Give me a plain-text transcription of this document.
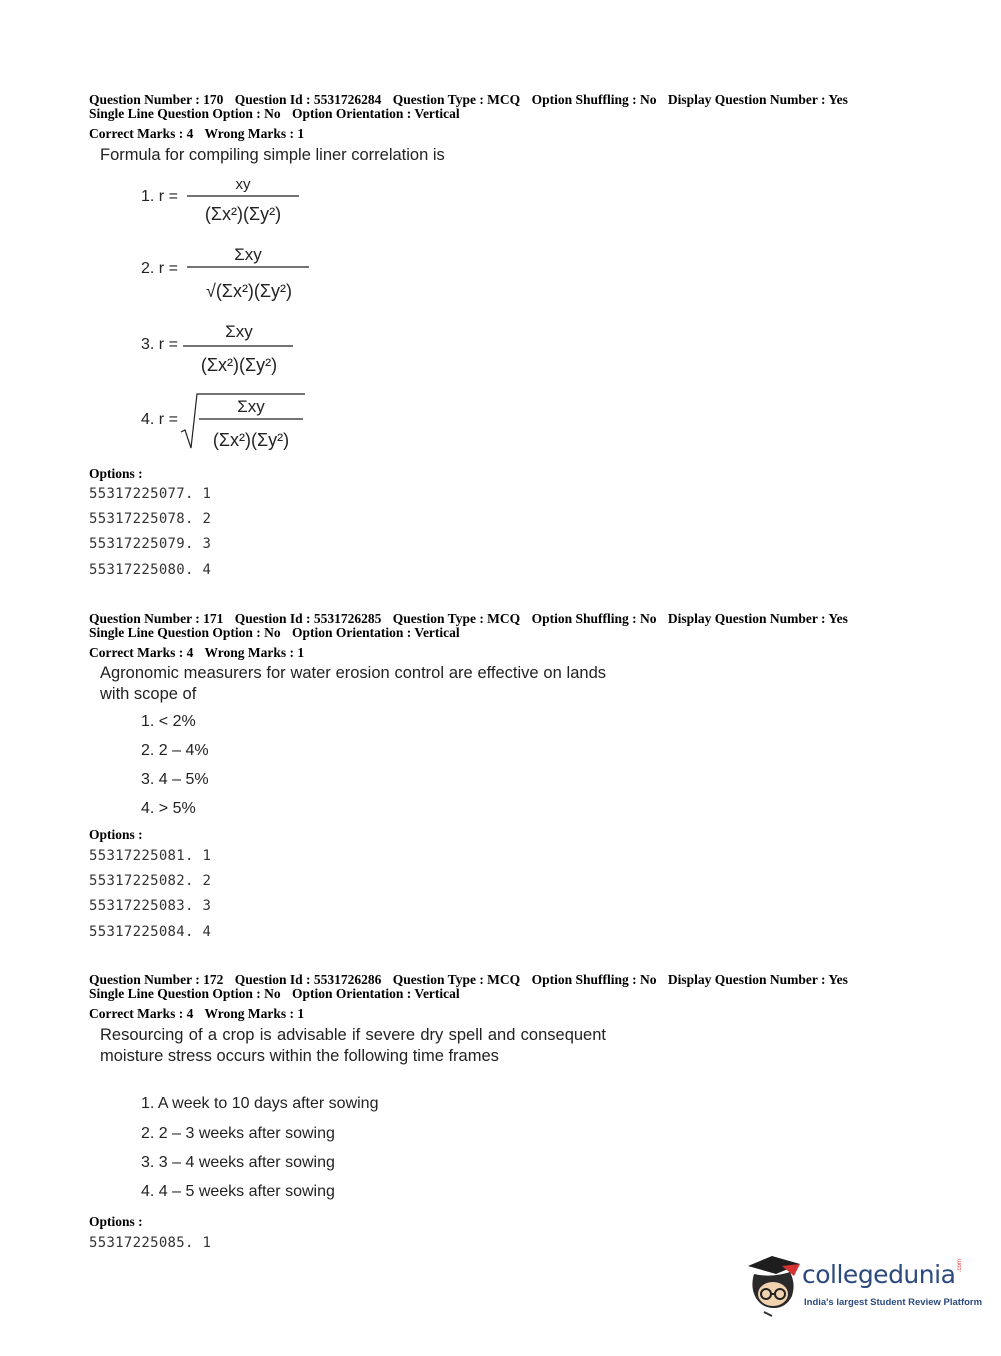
Question Number : 170 Question Id : 5531726284 Question Type : MCQ Option Shuffling : No Display Question Number : Yes
Single Line Question Option : No Option Orientation : Vertical
Correct Marks : 4 Wrong Marks : 1
Formula for compiling simple liner correlation is
1. r =
xy
(Σx²)(Σy²)
2. r =
Σxy
√(Σx²)(Σy²)
3. r =
Σxy
(Σx²)(Σy²)
4. r =
Σxy
(Σx²)(Σy²)
Options :
55317225077. 1
55317225078. 2
55317225079. 3
55317225080. 4
Question Number : 171 Question Id : 5531726285 Question Type : MCQ Option Shuffling : No Display Question Number : Yes
Single Line Question Option : No Option Orientation : Vertical
Correct Marks : 4 Wrong Marks : 1
Agronomic measurers for water erosion control are effective on lands with scope of
1. < 2%
2. 2 – 4%
3. 4 – 5%
4. > 5%
Options :
55317225081. 1
55317225082. 2
55317225083. 3
55317225084. 4
Question Number : 172 Question Id : 5531726286 Question Type : MCQ Option Shuffling : No Display Question Number : Yes
Single Line Question Option : No Option Orientation : Vertical
Correct Marks : 4 Wrong Marks : 1
Resourcing of a crop is advisable if severe dry spell and consequent moisture stress occurs within the following time frames
1. A week to 10 days after sowing
2. 2 – 3 weeks after sowing
3. 3 – 4 weeks after sowing
4. 4 – 5 weeks after sowing
Options :
55317225085. 1
collegedunia .com
India's largest Student Review Platform
